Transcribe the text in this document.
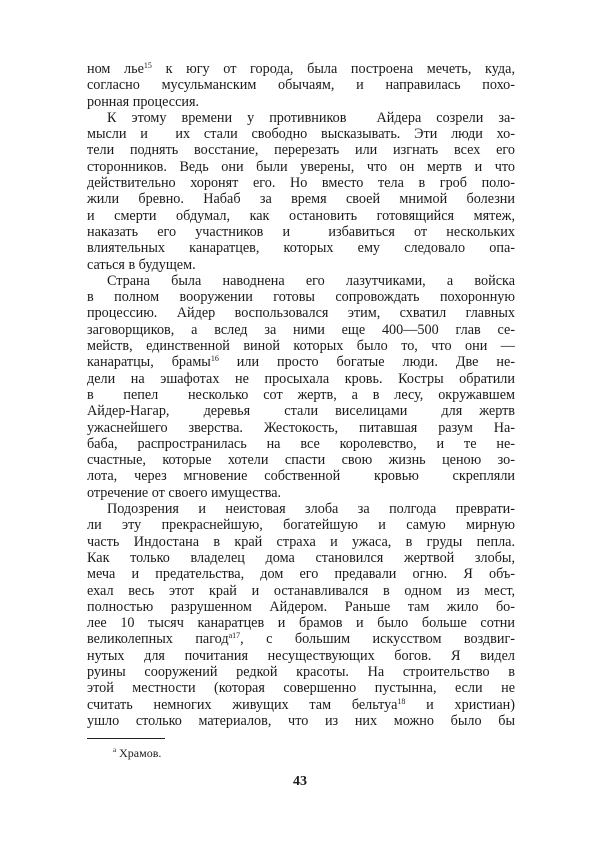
ном лье$^{15}$ к югу от города, была построена мечеть, куда,
согласно мусульманским обычаям, и направилась похо-
ронная процессия.
К этому времени у противников  Айдера созрели за-
мысли и  их стали свободно высказывать. Эти люди хо-
тели поднять восстание, перерезать или изгнать всех его
сторонников. Ведь они были уверены, что он мертв и что
действительно хоронят его. Но вместо тела в гроб поло-
жили бревно. Набаб за время своей мнимой болезни
и смерти обдумал, как остановить готовящийся мятеж,
наказать его участников и  избавиться от нескольких
влиятельных канаратцев, которых ему следовало опа-
саться в будущем.
Страна была наводнена его лазутчиками, а войска
в полном вооружении готовы сопровождать похоронную
процессию. Айдер воспользовался этим, схватил главных
заговорщиков, а вслед за ними еще 400—500 глав се-
мейств, единственной виной которых было то, что они —
канаратцы, брамы$^{16}$ или просто богатые люди. Две не-
дели на эшафотах не просыхала кровь. Костры обратили
в  пепел  несколько сот жертв, а в лесу, окружавшем
Айдер-Нагар,  деревья  стали виселицами  для жертв
ужаснейшего зверства. Жестокость, питавшая разум На-
баба, распространилась на все королевство, и те не-
счастные, которые хотели спасти свою жизнь ценою зо-
лота, через мгновение собственной  кровью  скрепляли
отречение от своего имущества.
Подозрения и неистовая злоба за полгода преврати-
ли эту прекраснейшую, богатейшую и самую мирную
часть Индостана в край страха и ужаса, в груды пепла.
Как только владелец дома становился жертвой злобы,
меча и предательства, дом его предавали огню. Я объ-
ехал весь этот край и останавливался в одном из мест,
полностью разрушенном Айдером. Раньше там жило бо-
лее 10 тысяч канаратцев и брамов и было больше сотни
великолепных пагод$^{а17}$, с большим искусством воздвиг-
нутых для почитания несуществующих богов. Я видел
руины сооружений редкой красоты. На строительство в
этой местности (которая совершенно пустынна, если не
считать немногих живущих там бельтуа$^{18}$ и христиан)
ушло столько материалов, что из них можно было бы
$^а$ Храмов.
43
